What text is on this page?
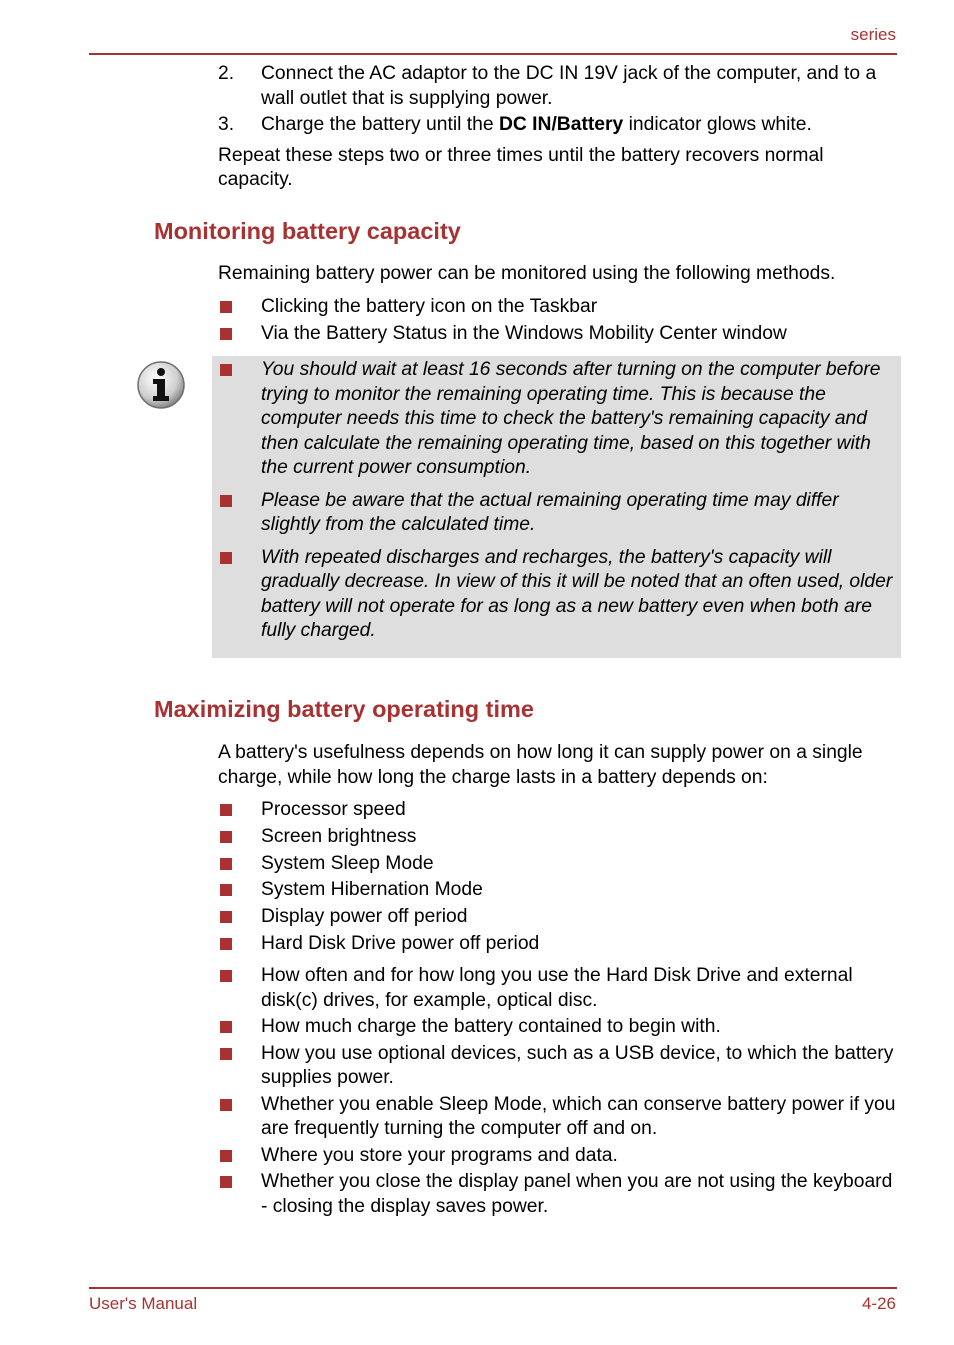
series
2. Connect the AC adaptor to the DC IN 19V jack of the computer, and to a wall outlet that is supplying power.
3. Charge the battery until the DC IN/Battery indicator glows white.

Repeat these steps two or three times until the battery recovers normal capacity.

Monitoring battery capacity

Remaining battery power can be monitored using the following methods.

Clicking the battery icon on the Taskbar
Via the Battery Status in the Windows Mobility Center window
You should wait at least 16 seconds after turning on the computer before trying to monitor the remaining operating time. This is because the computer needs this time to check the battery's remaining capacity and then calculate the remaining operating time, based on this together with the current power consumption.
Please be aware that the actual remaining operating time may differ slightly from the calculated time.
With repeated discharges and recharges, the battery's capacity will gradually decrease. In view of this it will be noted that an often used, older battery will not operate for as long as a new battery even when both are fully charged.
Maximizing battery operating time

A battery's usefulness depends on how long it can supply power on a single charge, while how long the charge lasts in a battery depends on:

Processor speed
Screen brightness
System Sleep Mode
System Hibernation Mode
Display power off period
Hard Disk Drive power off period
How often and for how long you use the Hard Disk Drive and external disk(c) drives, for example, optical disc.
How much charge the battery contained to begin with.
How you use optional devices, such as a USB device, to which the battery supplies power.
Whether you enable Sleep Mode, which can conserve battery power if you are frequently turning the computer off and on.
Where you store your programs and data.
Whether you close the display panel when you are not using the keyboard - closing the display saves power.
User's Manual	4-26
